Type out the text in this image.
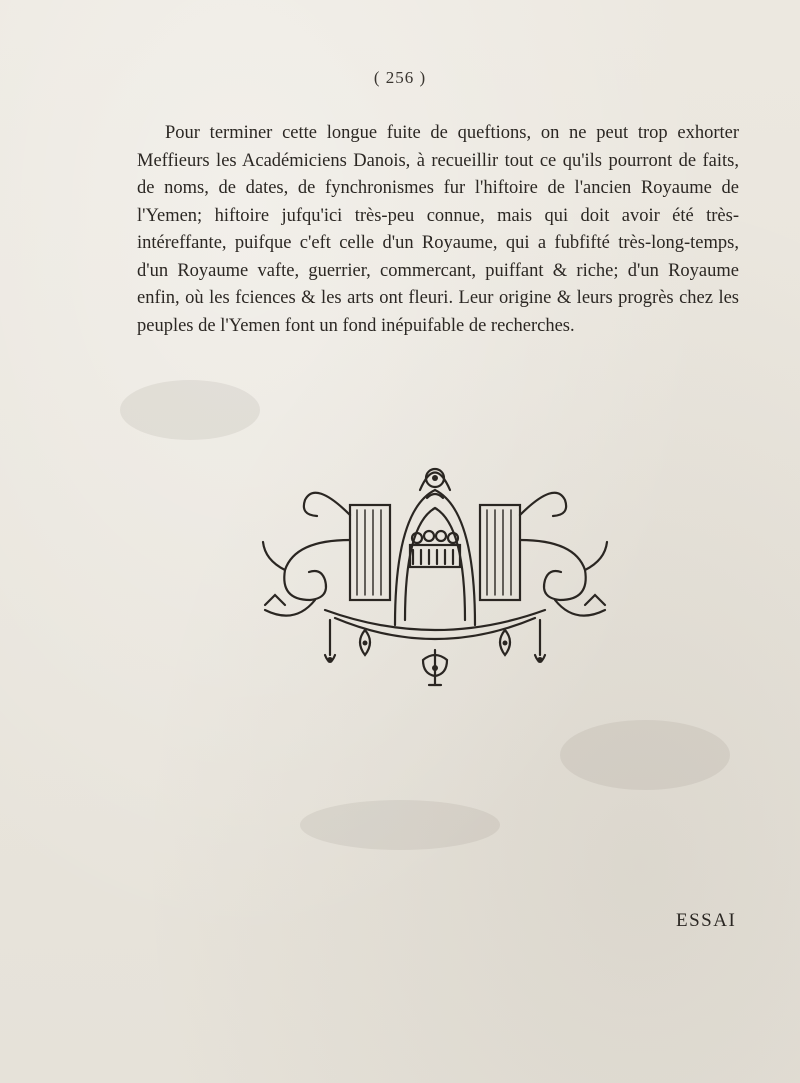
( 256 )

Pour terminer cette longue fuite de queftions, on ne peut trop exhorter Meffieurs les Académiciens Danois, à recueillir tout ce qu'ils pourront de faits, de noms, de dates, de fynchronismes fur l'hiftoire de l'ancien Royaume de l'Yemen; hiftoire jufqu'ici très-peu connue, mais qui doit avoir été très-intéreffante, puifque c'eft celle d'un Royaume, qui a fubfifté très-long-temps, d'un Royaume vafte, guerrier, commercant, puiffant & riche; d'un Royaume enfin, où les fciences & les arts ont fleuri. Leur origine & leurs progrès chez les peuples de l'Yemen font un fond inépuifable de recherches.

ESSAI
